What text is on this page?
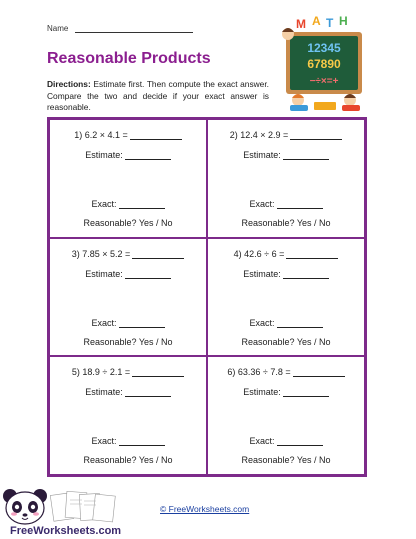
Name
Reasonable Products
Directions: Estimate first. Then compute the exact answer. Compare the two and decide if your exact answer is reasonable.
M A T H
12345
67890
−÷×=+
1) 6.2 × 4.1 =
Estimate:
Exact:
Reasonable? Yes / No
2) 12.4 × 2.9 =
Estimate:
Exact:
Reasonable? Yes / No
3) 7.85 × 5.2 =
Estimate:
Exact:
Reasonable? Yes / No
4) 42.6 ÷ 6 =
Estimate:
Exact:
Reasonable? Yes / No
5) 18.9 ÷ 2.1 =
Estimate:
Exact:
Reasonable? Yes / No
6) 63.36 ÷ 7.8 =
Estimate:
Exact:
Reasonable? Yes / No
FreeWorksheets.com
© FreeWorksheets.com
